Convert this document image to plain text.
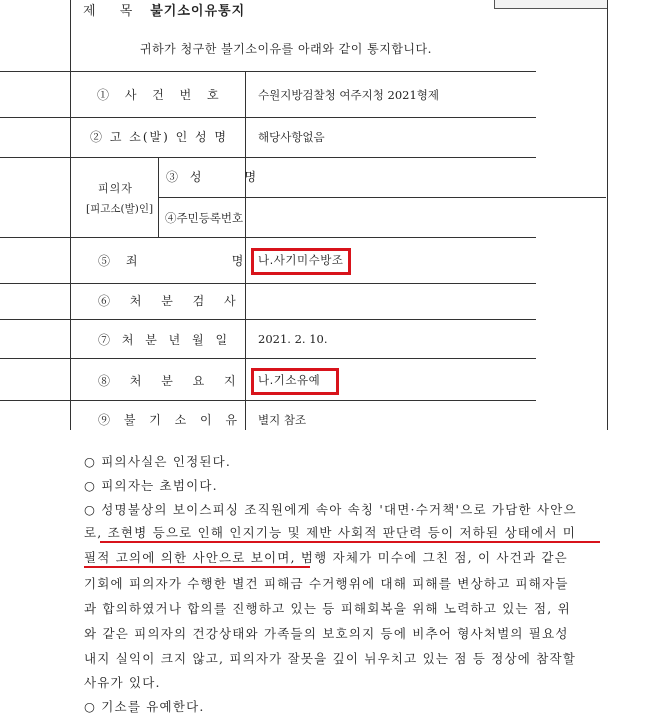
제 목 불기소이유통지
귀하가 청구한 불기소이유를 아래와 같이 통지합니다.
① 사 건 번 호	수원지방검찰청 여주지청 2021형제
② 고 소(발) 인 성 명	해당사항없음
피의자
[피고소(발)인]
③ 성     명
④주민등록번호
⑤ 죄         명 나.사기미수방조
⑥ 처 분 검 사
⑦ 처 분 년 월 일 2021. 2. 10.
⑧ 처 분 요 지 나.기소유예
⑨ 불 기 소 이 유 별지 참조
○ 피의사실은 인정된다.
○ 피의자는 초범이다.
○ 성명불상의 보이스피싱 조직원에게 속아 속칭 '대면·수거책'으로 가담한 사안으
로, 조현병 등으로 인해 인지기능 및 제반 사회적 판단력 등이 저하된 상태에서 미
필적 고의에 의한 사안으로 보이며, 범행 자체가 미수에 그친 점, 이 사건과 같은
기회에 피의자가 수행한 별건 피해금 수거행위에 대해 피해를 변상하고 피해자들
과 합의하였거나 합의를 진행하고 있는 등 피해회복을 위해 노력하고 있는 점, 위
와 같은 피의자의 건강상태와 가족들의 보호의지 등에 비추어 형사처벌의 필요성
내지 실익이 크지 않고, 피의자가 잘못을 깊이 뉘우치고 있는 점 등 정상에 참작할
사유가 있다.
○ 기소를 유예한다.
